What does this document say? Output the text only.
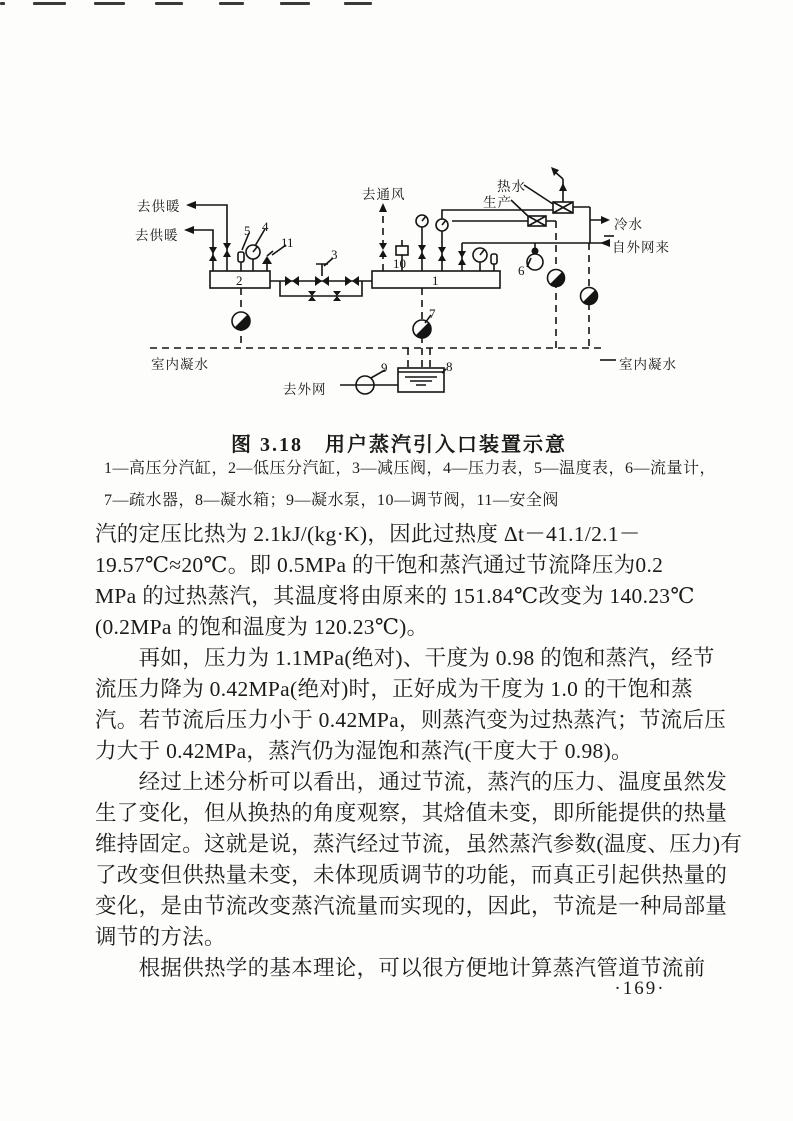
去供暖
去供暖
去通风
热水
生产
冷水
自外网来
室内凝水	室内凝水
去外网
1
2
3
4
5
6
7
8
9
10
11
图 3.18　用户蒸汽引入口装置示意
1—高压分汽缸，2—低压分汽缸，3—减压阀，4—压力表，5—温度表，6—流量计，
7—疏水器，8—凝水箱；9—凝水泵，10—调节阀，11—安全阀
汽的定压比热为 2.1kJ/(kg·K)，因此过热度 Δt－41.1/2.1－
19.57℃≈20℃。即 0.5MPa 的干饱和蒸汽通过节流降压为0.2
MPa 的过热蒸汽，其温度将由原来的 151.84℃改变为 140.23℃
(0.2MPa 的饱和温度为 120.23℃)。
　　再如，压力为 1.1MPa(绝对)、干度为 0.98 的饱和蒸汽，经节
流压力降为 0.42MPa(绝对)时，正好成为干度为 1.0 的干饱和蒸
汽。若节流后压力小于 0.42MPa，则蒸汽变为过热蒸汽；节流后压
力大于 0.42MPa，蒸汽仍为湿饱和蒸汽(干度大于 0.98)。
　　经过上述分析可以看出，通过节流，蒸汽的压力、温度虽然发
生了变化，但从换热的角度观察，其焓值未变，即所能提供的热量
维持固定。这就是说，蒸汽经过节流，虽然蒸汽参数(温度、压力)有
了改变但供热量未变，未体现质调节的功能，而真正引起供热量的
变化，是由节流改变蒸汽流量而实现的，因此，节流是一种局部量
调节的方法。
　　根据供热学的基本理论，可以很方便地计算蒸汽管道节流前
·169·
